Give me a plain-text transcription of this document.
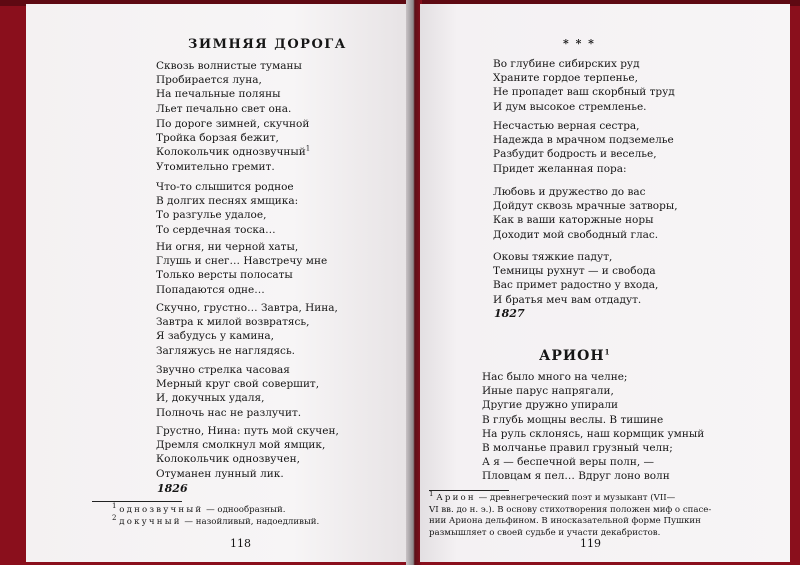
ЗИМНЯЯ ДОРОГА
Сквозь волнистые туманы
Пробирается луна,
На печальные поляны
Льет печально свет она.
По дороге зимней, скучной
Тройка борзая бежит,
Колокольчик однозвучный$^1$
Утомительно гремит.
Что-то слышится родное
В долгих песнях ямщика:
То разгулье удалое,
То сердечная тоска…
Ни огня, ни черной хаты,
Глушь и снег… Навстречу мне
Только версты полосаты
Попадаются одне…
Скучно, грустно… Завтра, Нина,
Завтра к милой возвратясь,
Я забудусь у камина,
Загляжусь не наглядясь.
Звучно стрелка часовая
Мерный круг свой совершит,
И, докучных удаля,
Полночь нас не разлучит.
Грустно, Нина: путь мой скучен,
Дремля смолкнул мой ямщик,
Колокольчик однозвучен,
Отуманен лунный лик.
1826
$^1$ однозвучный — однообразный.
$^2$ докучный — назойливый, надоедливый.
118
* * *
Во глубине сибирских руд
Храните гордое терпенье,
Не пропадет ваш скорбный труд
И дум высокое стремленье.
Несчастью верная сестра,
Надежда в мрачном подземелье
Разбудит бодрость и веселье,
Придет желанная пора:
Любовь и дружество до вас
Дойдут сквозь мрачные затворы,
Как в ваши каторжные норы
Доходит мой свободный глас.
Оковы тяжкие падут,
Темницы рухнут — и свобода
Вас примет радостно у входа,
И братья меч вам отдадут.
1827
АРИОН$^1$
Нас было много на челне;
Иные парус напрягали,
Другие дружно упирали
В глубь мощны веслы. В тишине
На руль склонясь, наш кормщик умный
В молчанье правил грузный челн;
А я — беспечной веры полн, —
Пловцам я пел… Вдруг лоно волн
$^1$ Арион — древнегреческий поэт и музыкант (VII—
VI вв. до н. э.). В основу стихотворения положен миф о спасе-
нии Ариона дельфином. В иносказательной форме Пушкин
размышляет о своей судьбе и участи декабристов.
119
